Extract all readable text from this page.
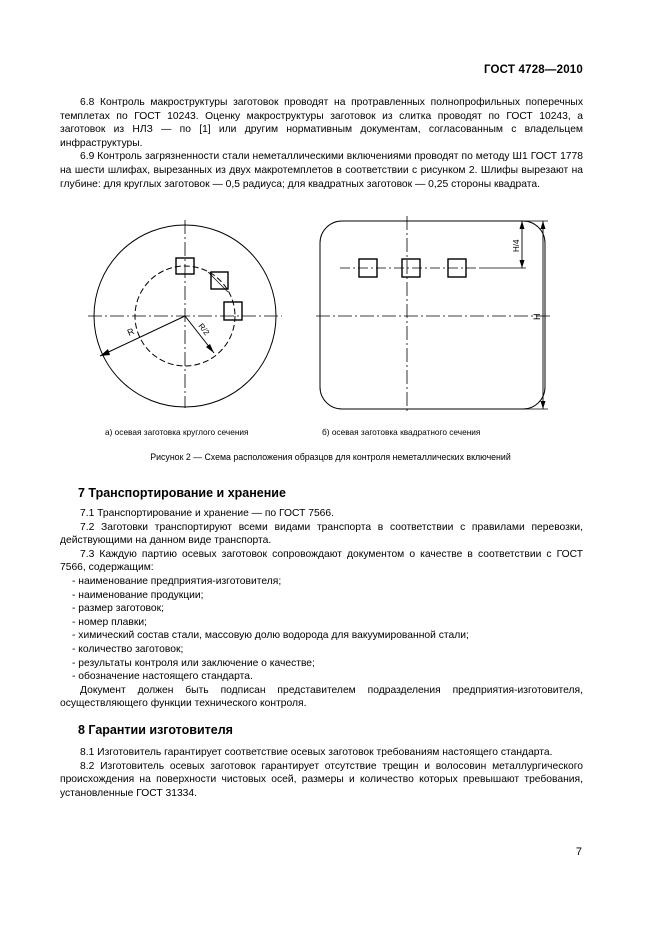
ГОСТ 4728—2010

6.8 Контроль макроструктуры заготовок проводят на протравленных полнопрофильных поперечных темплетах по ГОСТ 10243. Оценку макроструктуры заготовок из слитка проводят по ГОСТ 10243, а заготовок из НЛЗ — по [1] или другим нормативным документам, согласованным с владельцем инфраструктуры.

6.9 Контроль загрязненности стали неметаллическими включениями проводят по методу Ш1 ГОСТ 1778 на шести шлифах, вырезанных из двух макротемплетов в соответствии с рисунком 2. Шлифы вырезают на глубине: для круглых заготовок — 0,5 радиуса; для квадратных заготовок — 0,25 стороны квадрата.

R	R/2
H/4
H
а) осевая заготовка круглого сечения	б) осевая заготовка квадратного сечения
Рисунок 2 — Схема расположения образцов для контроля неметаллических включений
7 Транспортирование и хранение

7.1 Транспортирование и хранение — по ГОСТ 7566.

7.2 Заготовки транспортируют всеми видами транспорта в соответствии с правилами перевозки, действующими на данном виде транспорта.

7.3 Каждую партию осевых заготовок сопровождают документом о качестве в соответствии с ГОСТ 7566, содержащим:

- наименование предприятия-изготовителя;

- наименование продукции;

- размер заготовок;

- номер плавки;

- химический состав стали, массовую долю водорода для вакуумированной стали;

- количество заготовок;

- результаты контроля или заключение о качестве;

- обозначение настоящего стандарта.

Документ должен быть подписан представителем подразделения предприятия-изготовителя, осуществляющего функции технического контроля.

8 Гарантии изготовителя

8.1 Изготовитель гарантирует соответствие осевых заготовок требованиям настоящего стандарта.

8.2 Изготовитель осевых заготовок гарантирует отсутствие трещин и волосовин металлургического происхождения на поверхности чистовых осей, размеры и количество которых превышают требования, установленные ГОСТ 31334.

7
